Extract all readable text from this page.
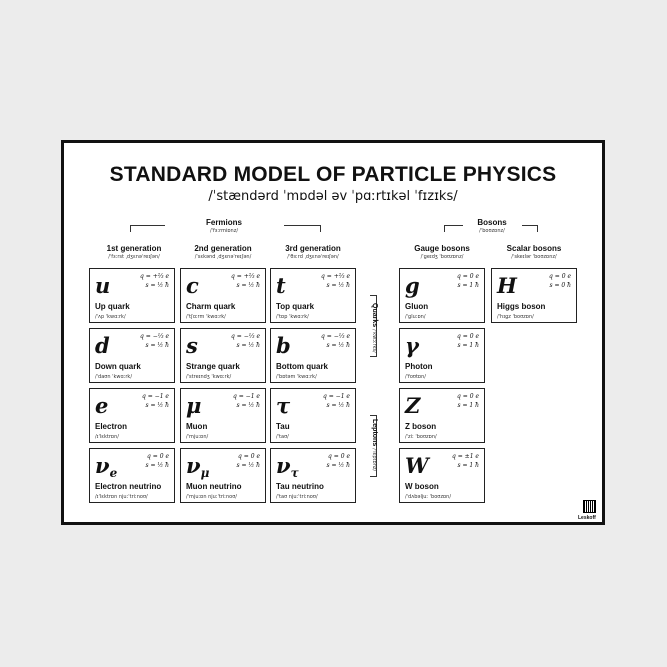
STANDARD MODEL OF PARTICLE PHYSICS
/ˈstændərd ˈmɒdəl əv ˈpɑːrtɪkəl ˈfɪzɪks/
Fermions
/ˈfɜːrmiɒnz/
Bosons
/ˈboʊzɒnz/
1st generation
/ˈfɜːrst ˌdʒɛnəˈreɪʃən/
2nd generation
/ˈsɛkənd ˌdʒɛnəˈreɪʃən/
3rd generation
/ˈθɜːrd ˌdʒɛnəˈreɪʃən/
Gauge bosons
/ˈɡeɪdʒ ˈboʊzɒnz/
Scalar bosons
/ˈskeɪlər ˈboʊzɒnz/
u	q = +⅔ e
s = ½ ħ
Up quark
/ˈʌp ˈkwɑːrk/
c	q = +⅔ e
s = ½ ħ
Charm quark
/ˈtʃɑːrm ˈkwɑːrk/
t	q = +⅔ e
s = ½ ħ
Top quark
/ˈtɒp ˈkwɑːrk/
d	q = −⅓ e
s = ½ ħ
Down quark
/ˈdaʊn ˈkwɑːrk/
s	q = −⅓ e
s = ½ ħ
Strange quark
/ˈstreɪndʒ ˈkwɑːrk/
b	q = −⅓ e
s = ½ ħ
Bottom quark
/ˈbɒtəm ˈkwɑːrk/
e	q = −1 e
s = ½ ħ
Electron
/ɪˈlɛktrɒn/
μ	q = −1 e
s = ½ ħ
Muon
/ˈmjuːɒn/
τ	q = −1 e
s = ½ ħ
Tau
/ˈtaʊ/
$\nu_e$
q = 0 e
s = ½ ħ
Electron neutrino
/ɪˈlɛktrɒn njuːˈtriːnoʊ/
$\nu_\mu$
q = 0 e
s = ½ ħ
Muon neutrino
/ˈmjuːɒn njuːˈtriːnoʊ/
$\nu_\tau$
q = 0 e
s = ½ ħ
Tau neutrino
/ˈtaʊ njuːˈtriːnoʊ/
Quarks/ˈkwɔːrks/
Leptons/ˈlɛptɒnz/
g	q = 0 e
s = 1 ħ
Gluon
/ˈɡluːɒn/
H	q = 0 e
s = 0 ħ
Higgs boson
/ˈhɪɡz ˈboʊzɒn/
γ	q = 0 e
s = 1 ħ
Photon
/ˈfoʊtɒn/
Z	q = 0 e
s = 1 ħ
Z boson
/ˈziː ˈboʊzɒn/
W	q = ±1 e
s = 1 ħ
W boson
/ˈdʌbəljuː ˈboʊzɒn/
Leskoff
